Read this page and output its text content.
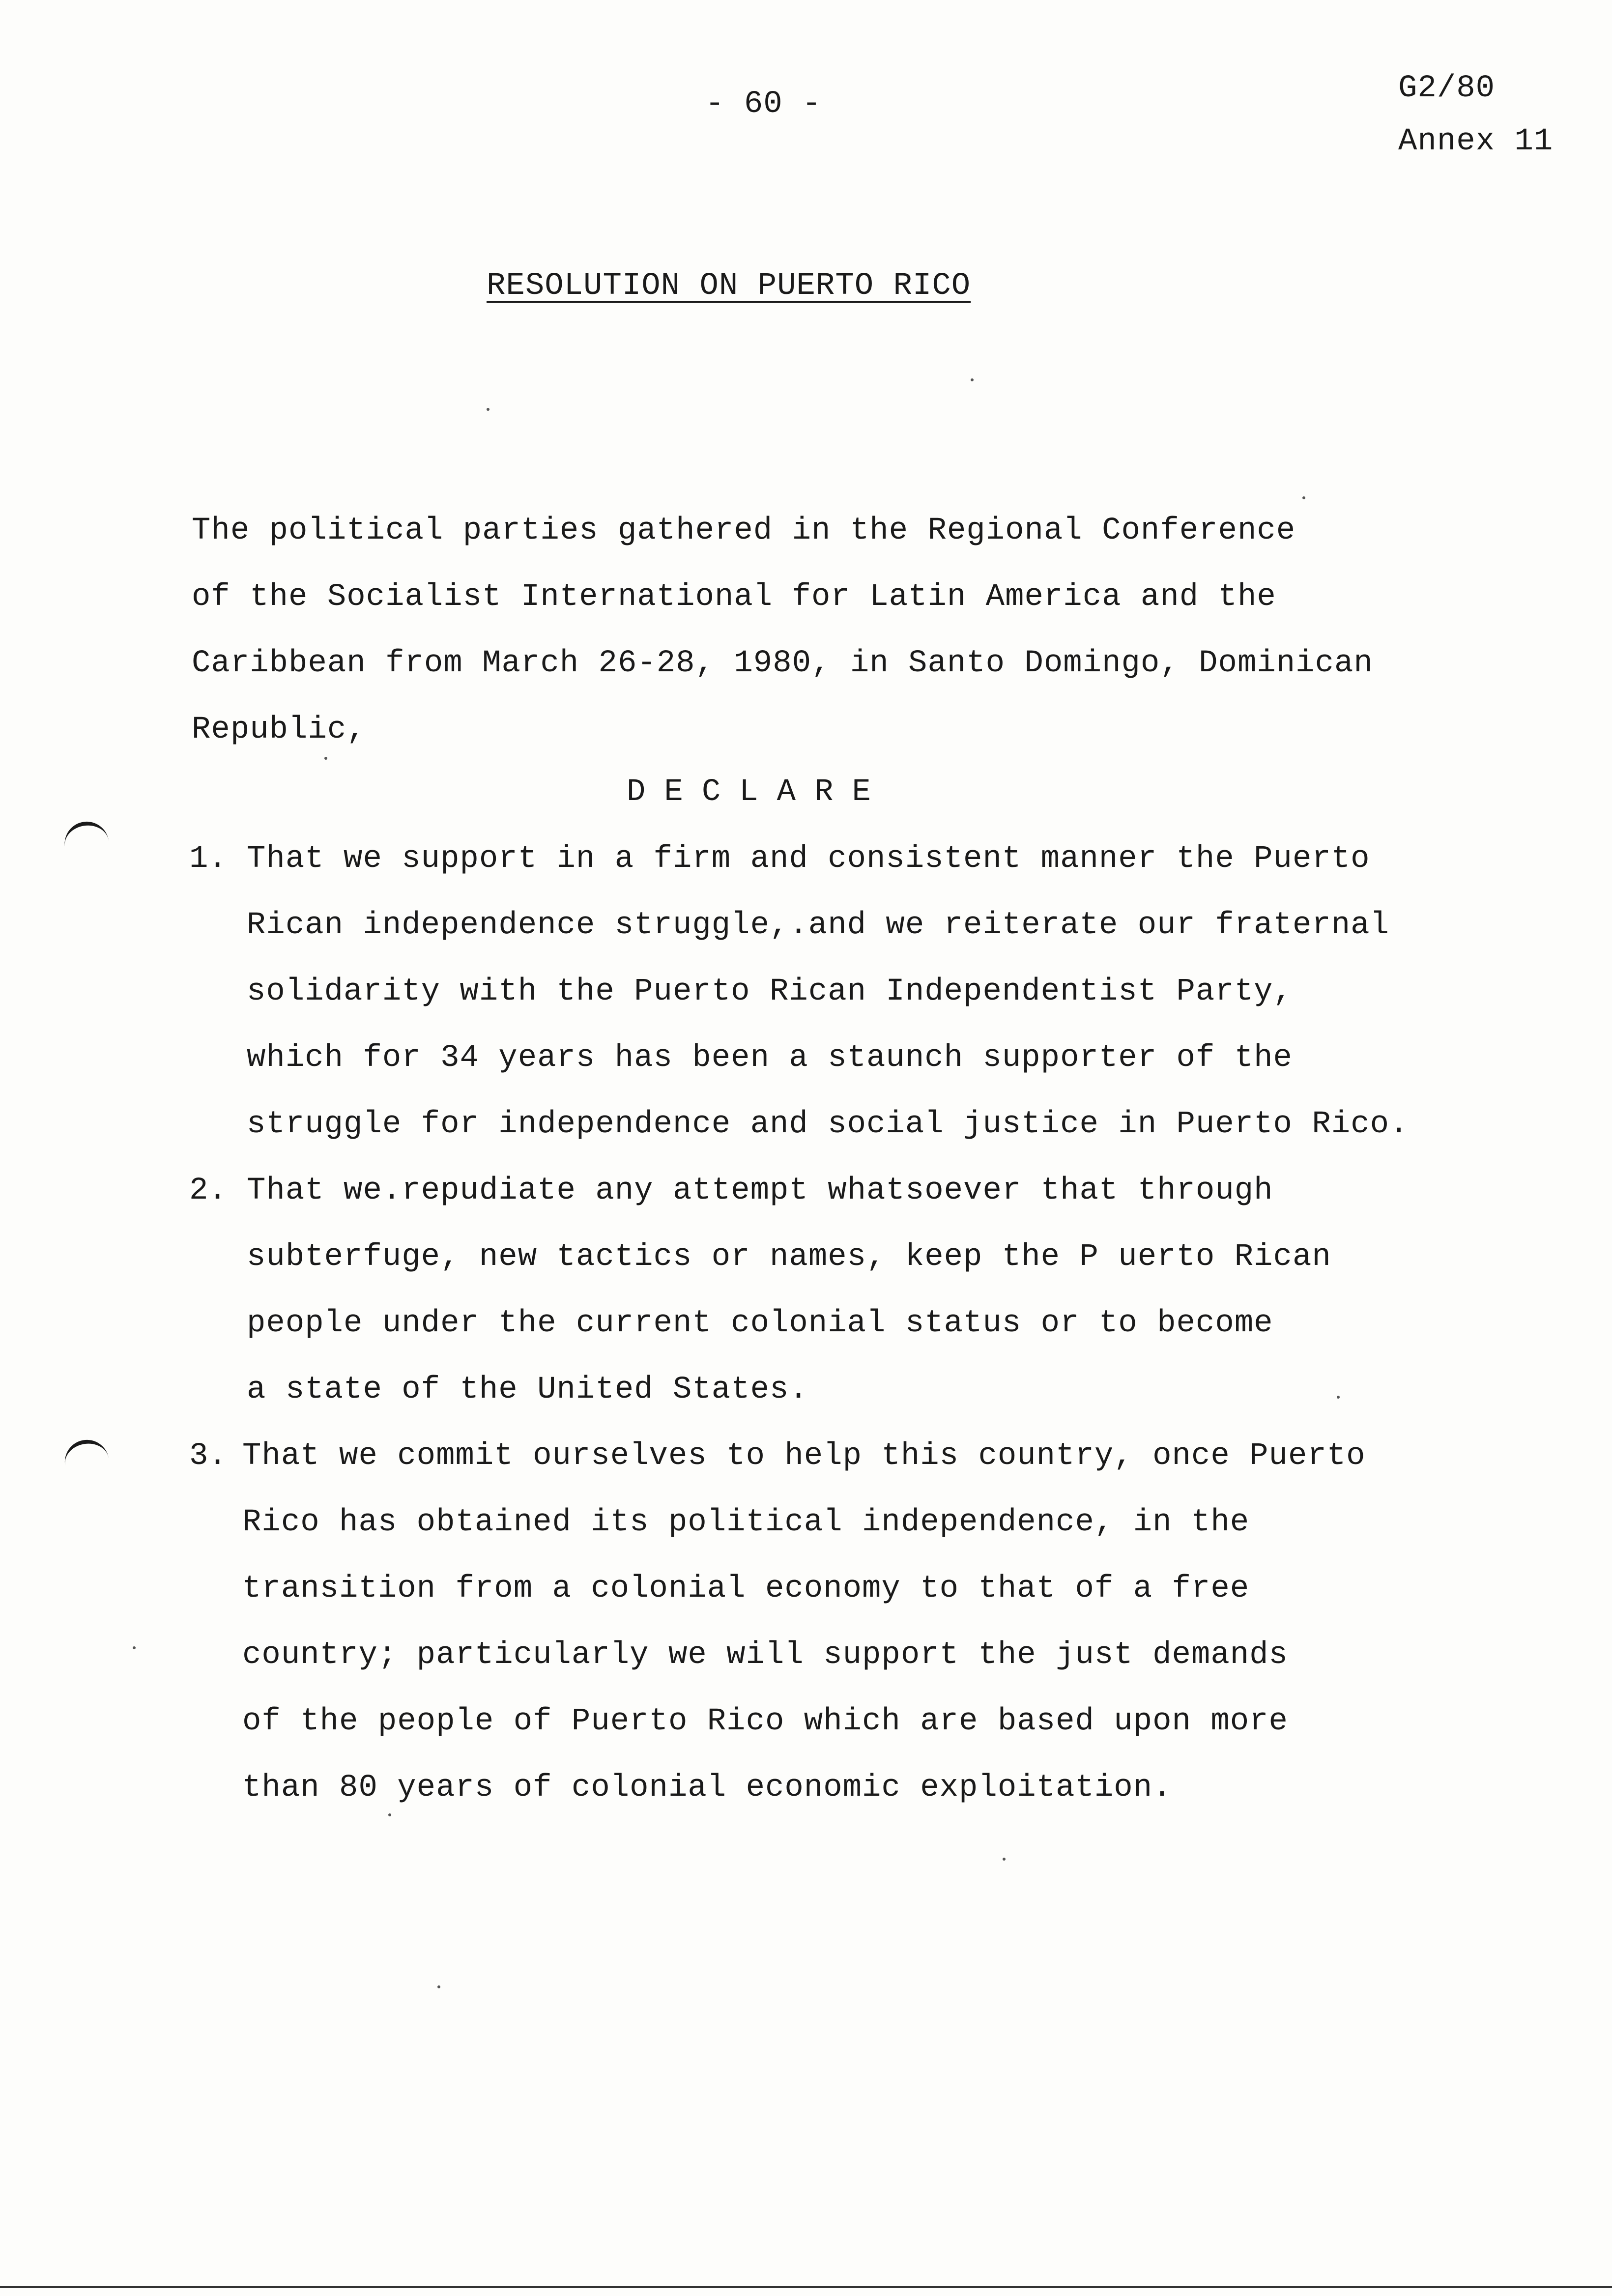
- 60 -	G2/80
Annex 11
RESOLUTION ON PUERTO RICO
The political parties gathered in the Regional Conference
of the Socialist International for Latin America and the
Caribbean from March 26-28, 1980, in Santo Domingo, Dominican
Republic,
DECLARE
1. That we support in a firm and consistent manner the Puerto
Rican independence struggle,.and we reiterate our fraternal
solidarity with the Puerto Rican Independentist Party,
which for 34 years has been a staunch supporter of the
struggle for independence and social justice in Puerto Rico.
2. That we.repudiate any attempt whatsoever that through
subterfuge, new tactics or names, keep the P uerto Rican
people under the current colonial status or to become
a state of the United States.
3. That we commit ourselves to help this country, once Puerto
Rico has obtained its political independence, in the
transition from a colonial economy to that of a free
country; particularly we will support the just demands
of the people of Puerto Rico which are based upon more
than 80 years of colonial economic exploitation.
